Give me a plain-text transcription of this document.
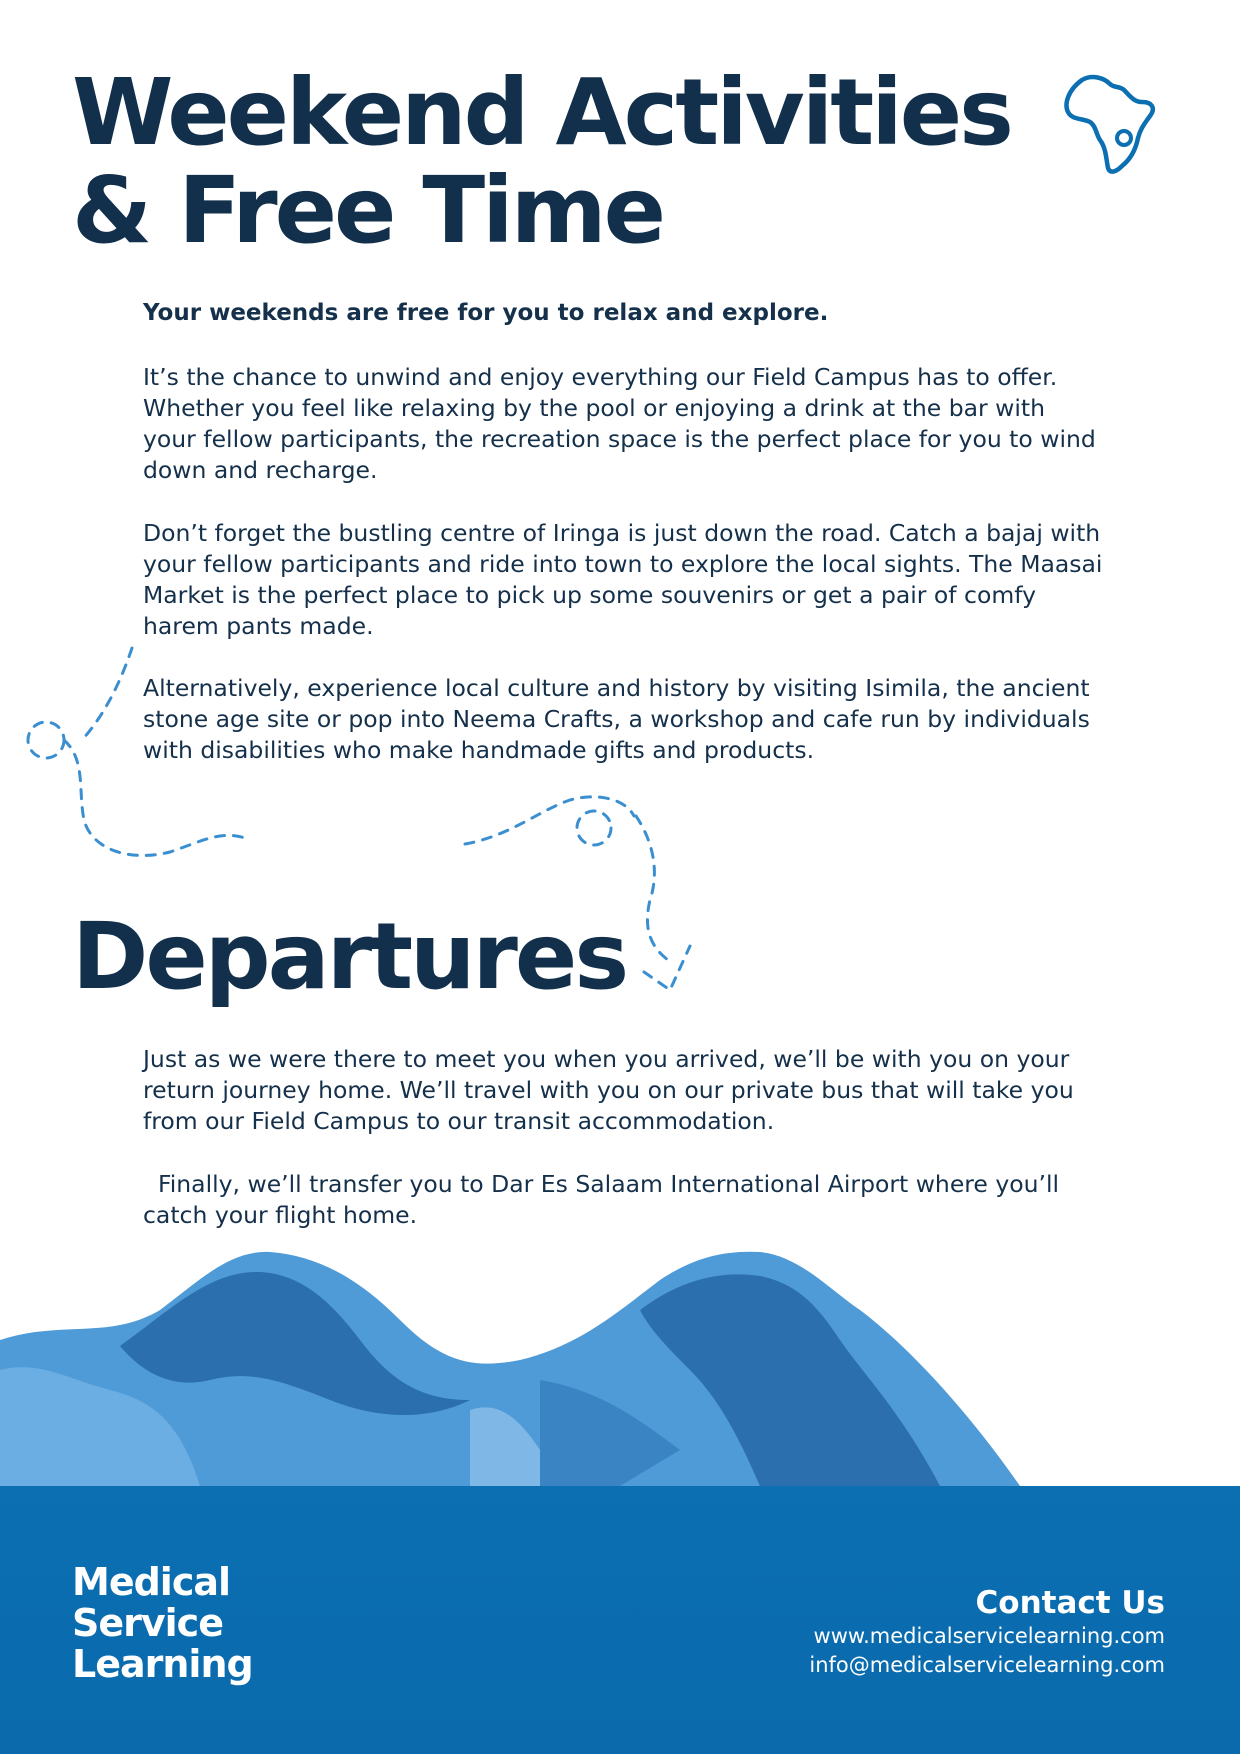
Weekend Activities
& Free Time

Your weekends are free for you to relax and explore.

It’s the chance to unwind and enjoy everything our Field Campus has to offer. Whether you feel like relaxing by the pool or enjoying a drink at the bar with your fellow participants, the recreation space is the perfect place for you to wind down and recharge.

Don’t forget the bustling centre of Iringa is just down the road. Catch a bajaj with your fellow participants and ride into town to explore the local sights. The Maasai Market is the perfect place to pick up some souvenirs or get a pair of comfy harem pants made.

Alternatively, experience local culture and history by visiting Isimila, the ancient stone age site or pop into Neema Crafts, a workshop and cafe run by individuals with disabilities who make handmade gifts and products.

Departures

Just as we were there to meet you when you arrived, we’ll be with you on your return journey home. We’ll travel with you on our private bus that will take you from our Field Campus to our transit accommodation.

Finally, we’ll transfer you to Dar Es Salaam International Airport where you’ll catch your flight home.

Medical
Service
Learning
Contact Us
www.medicalservicelearning.com
info@medicalservicelearning.com
